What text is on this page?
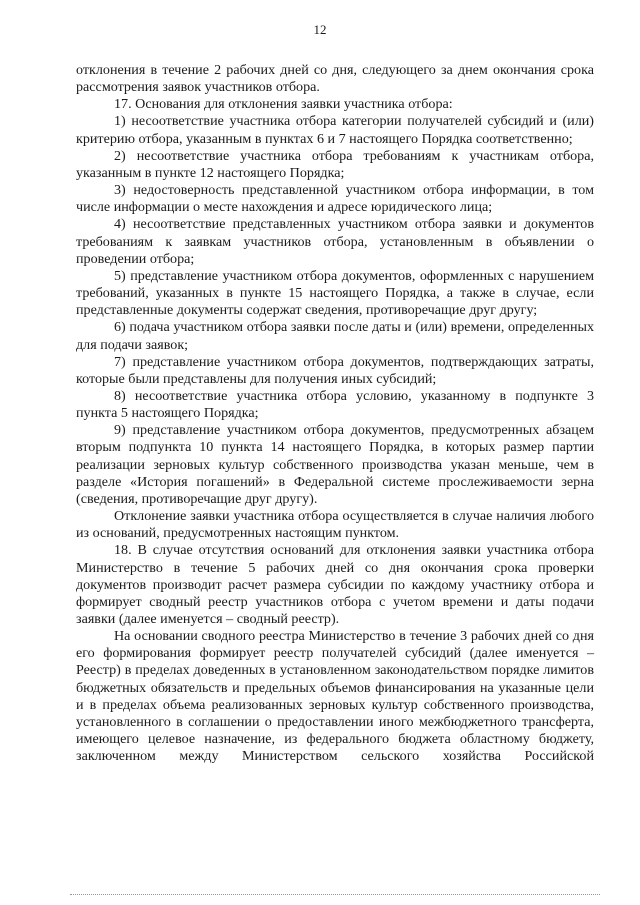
12

отклонения в течение 2 рабочих дней со дня, следующего за днем окончания срока рассмотрения заявок участников отбора.

17. Основания для отклонения заявки участника отбора:

1) несоответствие участника отбора категории получателей субсидий и (или) критерию отбора, указанным в пунктах 6 и 7 настоящего Порядка соответственно;

2) несоответствие участника отбора требованиям к участникам отбора, указанным в пункте 12 настоящего Порядка;

3) недостоверность представленной участником отбора информации, в том числе информации о месте нахождения и адресе юридического лица;

4) несоответствие представленных участником отбора заявки и документов требованиям к заявкам участников отбора, установленным в объявлении о проведении отбора;

5) представление участником отбора документов, оформленных с нарушением требований, указанных в пункте 15 настоящего Порядка, а также в случае, если представленные документы содержат сведения, противоречащие друг другу;

6) подача участником отбора заявки после даты и (или) времени, определенных для подачи заявок;

7) представление участником отбора документов, подтверждающих затраты, которые были представлены для получения иных субсидий;

8) несоответствие участника отбора условию, указанному в подпункте 3 пункта 5 настоящего Порядка;

9) представление участником отбора документов, предусмотренных абзацем вторым подпункта 10 пункта 14 настоящего Порядка, в которых размер партии реализации зерновых культур собственного производства указан меньше, чем в разделе «История погашений» в Федеральной системе прослеживаемости зерна (сведения, противоречащие друг другу).

Отклонение заявки участника отбора осуществляется в случае наличия любого из оснований, предусмотренных настоящим пунктом.

18. В случае отсутствия оснований для отклонения заявки участника отбора Министерство в течение 5 рабочих дней со дня окончания срока проверки документов производит расчет размера субсидии по каждому участнику отбора и формирует сводный реестр участников отбора с учетом времени и даты подачи заявки (далее именуется – сводный реестр).

На основании сводного реестра Министерство в течение 3 рабочих дней со дня его формирования формирует реестр получателей субсидий (далее именуется – Реестр) в пределах доведенных в установленном законодательством порядке лимитов бюджетных обязательств и предельных объемов финансирования на указанные цели и в пределах объема реализованных зерновых культур собственного производства, установленного в соглашении о предоставлении иного межбюджетного трансферта, имеющего целевое назначение, из федерального бюджета областному бюджету, заключенном между Министерством сельского хозяйства Российской
